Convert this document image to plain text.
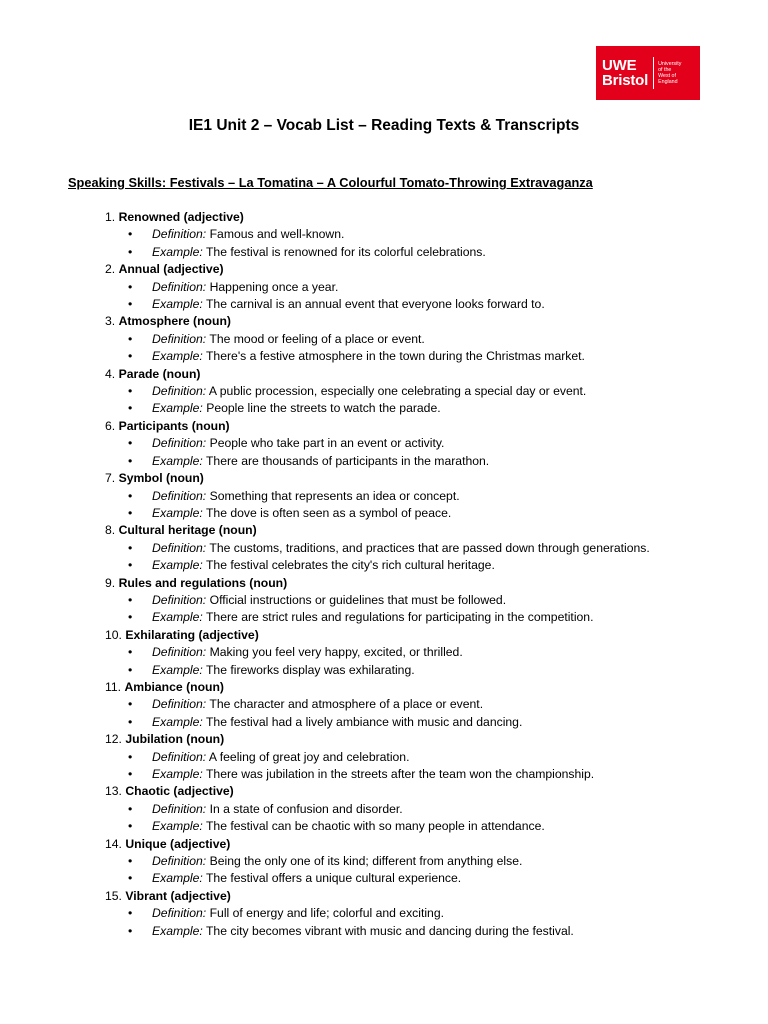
UWE
Bristol
University
of the
West of
England
IE1 Unit 2 – Vocab List – Reading Texts & Transcripts
Speaking Skills: Festivals – La Tomatina – A Colourful Tomato-Throwing Extravaganza
1. Renowned (adjective)
• Definition: Famous and well-known.
• Example: The festival is renowned for its colorful celebrations.
2. Annual (adjective)
• Definition: Happening once a year.
• Example: The carnival is an annual event that everyone looks forward to.
3. Atmosphere (noun)
• Definition: The mood or feeling of a place or event.
• Example: There's a festive atmosphere in the town during the Christmas market.
4. Parade (noun)
• Definition: A public procession, especially one celebrating a special day or event.
• Example: People line the streets to watch the parade.
6. Participants (noun)
• Definition: People who take part in an event or activity.
• Example: There are thousands of participants in the marathon.
7. Symbol (noun)
• Definition: Something that represents an idea or concept.
• Example: The dove is often seen as a symbol of peace.
8. Cultural heritage (noun)
• Definition: The customs, traditions, and practices that are passed down through generations.
• Example: The festival celebrates the city's rich cultural heritage.
9. Rules and regulations (noun)
• Definition: Official instructions or guidelines that must be followed.
• Example: There are strict rules and regulations for participating in the competition.
10. Exhilarating (adjective)
• Definition: Making you feel very happy, excited, or thrilled.
• Example: The fireworks display was exhilarating.
11. Ambiance (noun)
• Definition: The character and atmosphere of a place or event.
• Example: The festival had a lively ambiance with music and dancing.
12. Jubilation (noun)
• Definition: A feeling of great joy and celebration.
• Example: There was jubilation in the streets after the team won the championship.
13. Chaotic (adjective)
• Definition: In a state of confusion and disorder.
• Example: The festival can be chaotic with so many people in attendance.
14. Unique (adjective)
• Definition: Being the only one of its kind; different from anything else.
• Example: The festival offers a unique cultural experience.
15. Vibrant (adjective)
• Definition: Full of energy and life; colorful and exciting.
• Example: The city becomes vibrant with music and dancing during the festival.
